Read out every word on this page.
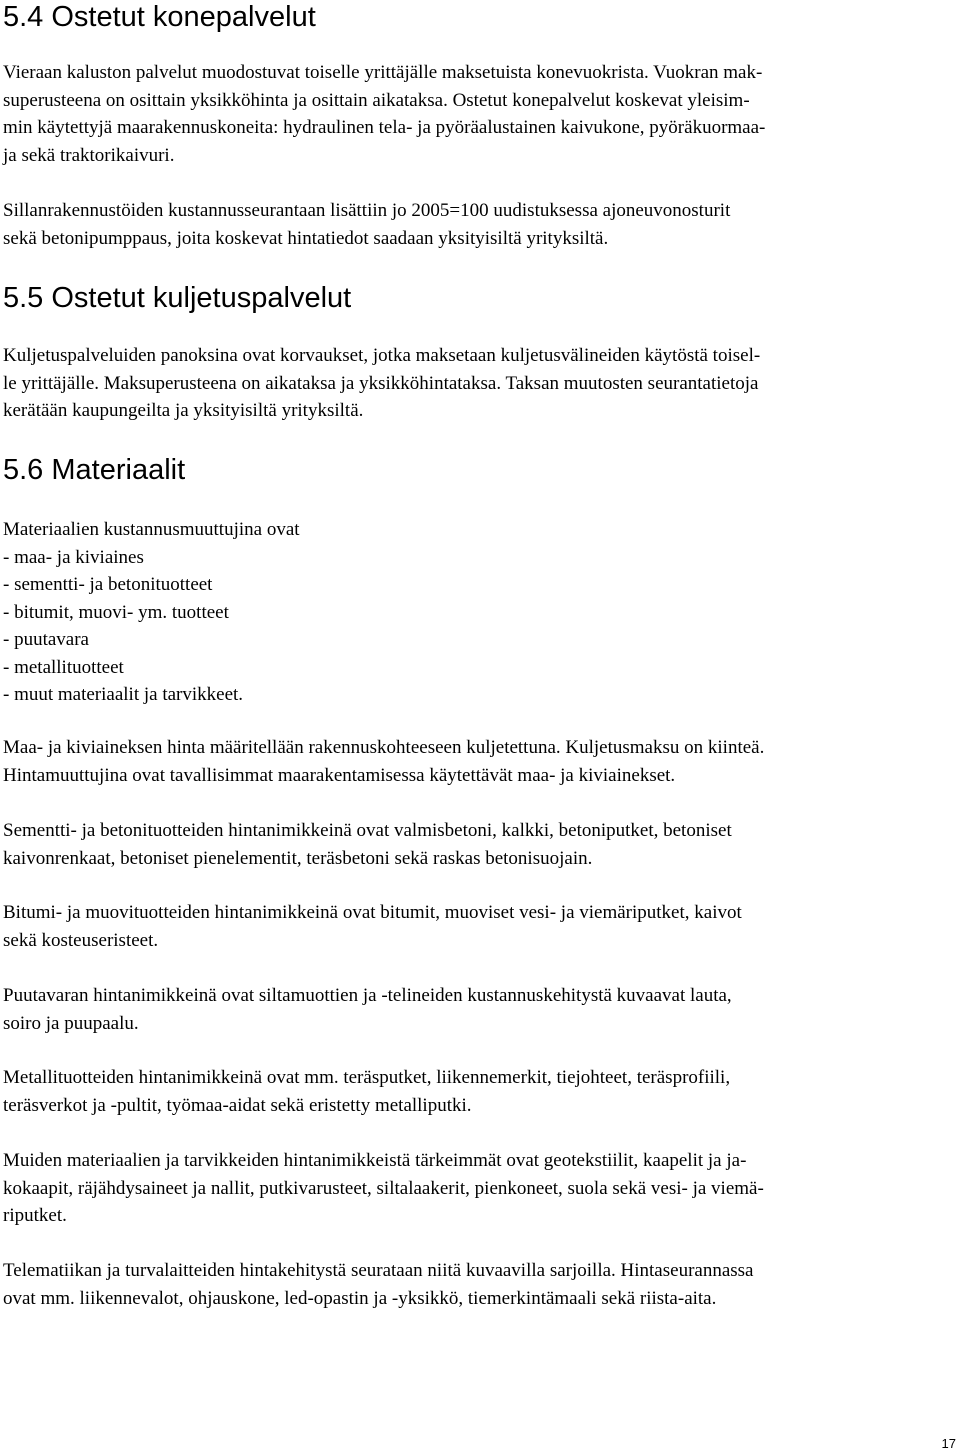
5.4 Ostetut konepalvelut
Vieraan kaluston palvelut muodostuvat toiselle yrittäjälle maksetuista konevuokrista. Vuokran mak-
superusteena on osittain yksikköhinta ja osittain aikataksa. Ostetut konepalvelut koskevat yleisim-
min käytettyjä maarakennuskoneita: hydraulinen tela- ja pyöräalustainen kaivukone, pyöräkuormaa-
ja sekä traktorikaivuri.
Sillanrakennustöiden kustannusseurantaan lisättiin jo 2005=100 uudistuksessa ajoneuvonosturit
sekä betonipumppaus, joita koskevat hintatiedot saadaan yksityisiltä yrityksiltä.
5.5 Ostetut kuljetuspalvelut
Kuljetuspalveluiden panoksina ovat korvaukset, jotka maksetaan kuljetusvälineiden käytöstä toisel-
le yrittäjälle. Maksuperusteena on aikataksa ja yksikköhintataksa. Taksan muutosten seurantatietoja
kerätään kaupungeilta ja yksityisiltä yrityksiltä.
5.6 Materiaalit
Materiaalien kustannusmuuttujina ovat
- maa- ja kiviaines
- sementti- ja betonituotteet
- bitumit, muovi- ym. tuotteet
- puutavara
- metallituotteet
- muut materiaalit ja tarvikkeet.
Maa- ja kiviaineksen hinta määritellään rakennuskohteeseen kuljetettuna. Kuljetusmaksu on kiinteä.
Hintamuuttujina ovat tavallisimmat maarakentamisessa käytettävät maa- ja kiviainekset.
Sementti- ja betonituotteiden hintanimikkeinä ovat valmisbetoni, kalkki, betoniputket, betoniset
kaivonrenkaat, betoniset pienelementit, teräsbetoni sekä raskas betonisuojain.
Bitumi- ja muovituotteiden hintanimikkeinä ovat bitumit, muoviset vesi- ja viemäriputket, kaivot
sekä kosteuseristeet.
Puutavaran hintanimikkeinä ovat siltamuottien ja -telineiden kustannuskehitystä kuvaavat lauta,
soiro ja puupaalu.
Metallituotteiden hintanimikkeinä ovat mm. teräsputket, liikennemerkit, tiejohteet, teräsprofiili,
teräsverkot ja -pultit, työmaa-aidat sekä eristetty metalliputki.
Muiden materiaalien ja tarvikkeiden hintanimikkeistä tärkeimmät ovat geotekstiilit, kaapelit ja ja-
kokaapit, räjähdysaineet ja nallit, putkivarusteet, siltalaakerit, pienkoneet, suola sekä vesi- ja viemä-
riputket.
Telematiikan ja turvalaitteiden hintakehitystä seurataan niitä kuvaavilla sarjoilla. Hintaseurannassa
ovat mm. liikennevalot, ohjauskone, led-opastin ja -yksikkö, tiemerkintämaali sekä riista-aita.
17
